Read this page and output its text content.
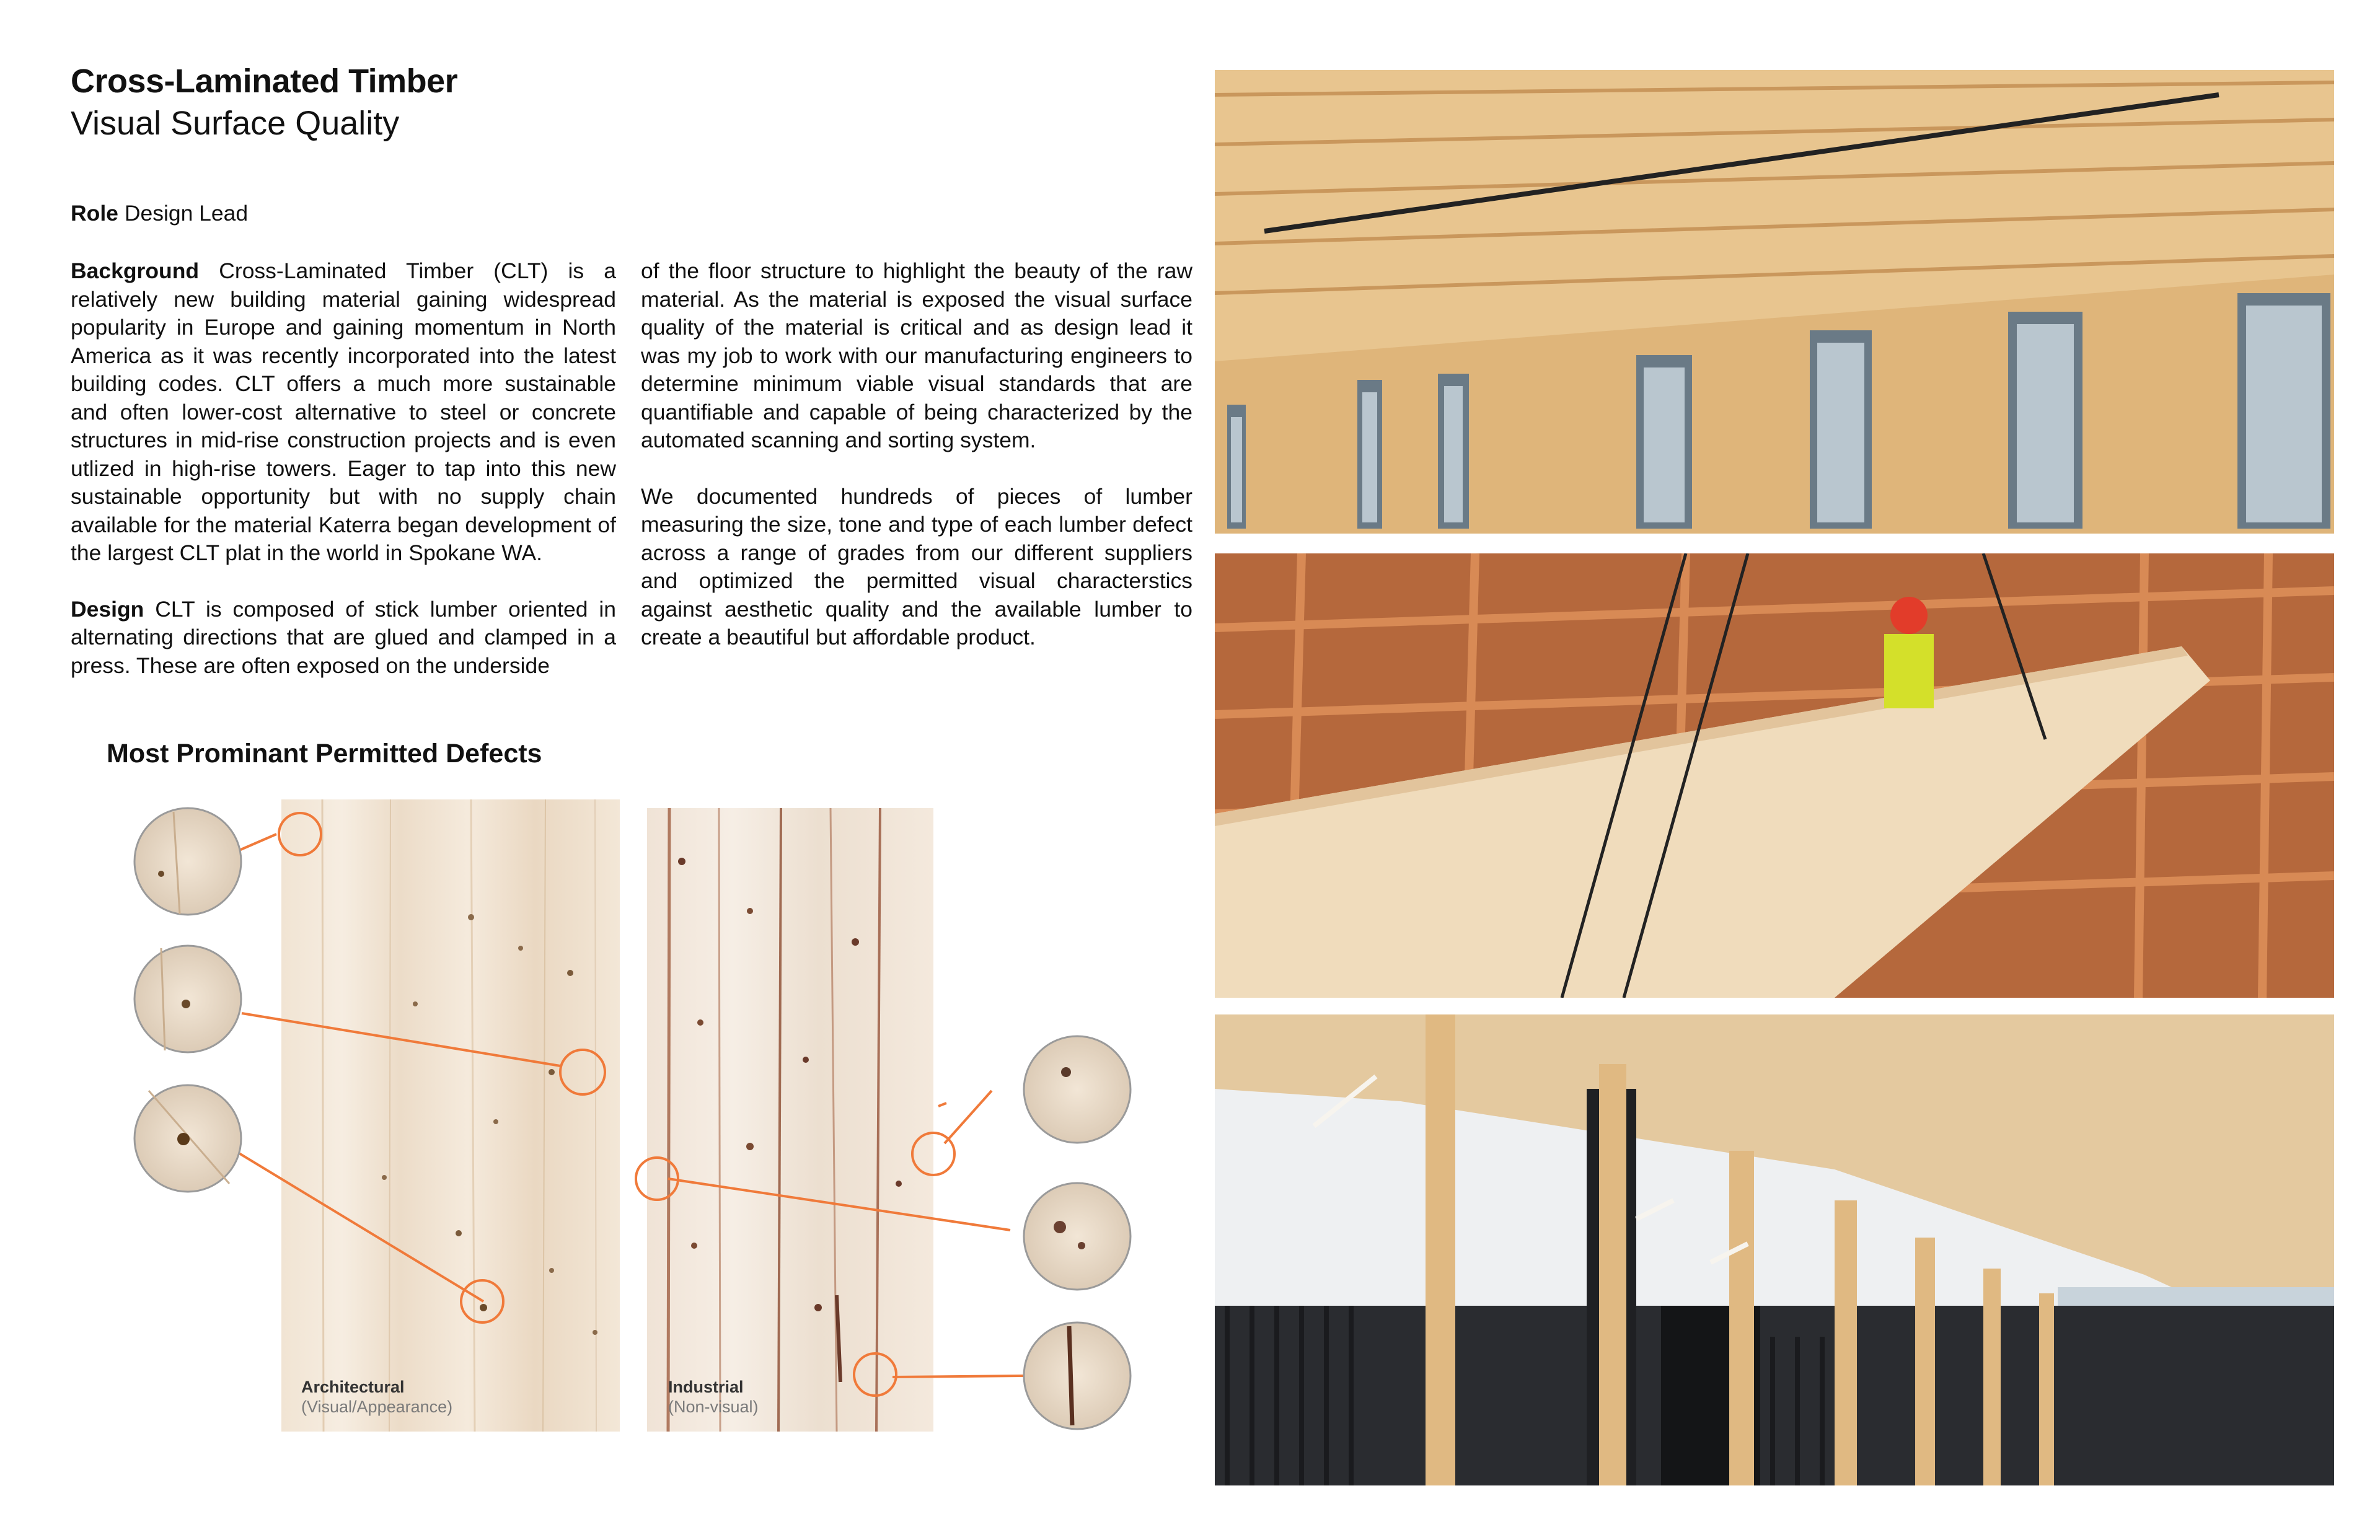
Cross-Laminated Timber
Visual Surface Quality
Role Design Lead

Background Cross-Laminated Timber (CLT) is a relatively new building material gaining widespread popularity in Europe and gaining momentum in North America as it was recently incorporated into the latest building codes. CLT offers a much more sustainable and often lower-cost alternative to steel or concrete structures in mid-rise construction projects and is even utlized in high-rise towers. Eager to tap into this new sustainable opportunity but with no supply chain available for the material Katerra began development of the largest CLT plat in the world in Spokane WA.

Design CLT is composed of stick lumber oriented in alternating directions that are glued and clamped in a press. These are often exposed on the underside

of the floor structure to highlight the beauty of the raw material. As the material is exposed the visual surface quality of the material is critical and as design lead it was my job to work with our manufacturing engineers to determine minimum viable visual standards that are quantifiable and capable of being characterized by the automated scanning and sorting system.

We documented hundreds of pieces of lumber measuring the size, tone and type of each lumber defect across a range of grades from our different suppliers and optimized the permitted visual characterstics against aesthetic quality and the available lumber to create a beautiful but affordable product.

Most Prominant Permitted Defects
Architectural
(Visual/Appearance)
Industrial
(Non-visual)
